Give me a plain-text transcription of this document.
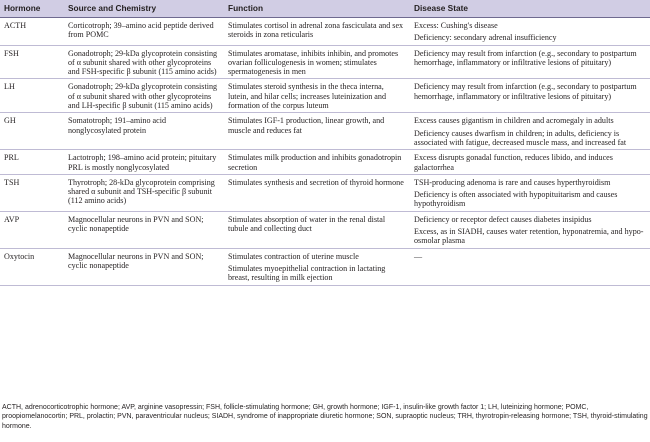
Hormone	Source and Chemistry	Function	Disease State
ACTH	Corticotroph; 39–amino acid peptide derived from POMC	Stimulates cortisol in adrenal zona fasciculata and sex steroids in zona reticularis	Excess: Cushing's disease
Deficiency: secondary adrenal insufficiency

FSH	Gonadotroph; 29-kDa glycoprotein consisting of α subunit shared with other glycoproteins and FSH-specific β subunit (115 amino acids)	Stimulates aromatase, inhibits inhibin, and promotes ovarian folliculogenesis in women; stimulates spermatogenesis in men	Deficiency may result from infarction (e.g., secondary to postpartum hemorrhage, inflammatory or infiltrative lesions of pituitary)

LH	Gonadotroph; 29-kDa glycoprotein consisting of α subunit shared with other glycoproteins and LH-specific β subunit (115 amino acids)	Stimulates steroid synthesis in the theca interna, lutein, and hilar cells; increases luteinization and formation of the corpus luteum	Deficiency may result from infarction (e.g., secondary to postpartum hemorrhage, inflammatory or infiltrative lesions of pituitary)

GH	Somatotroph; 191–amino acid nonglycosylated protein	Stimulates IGF-1 production, linear growth, and muscle and reduces fat	Excess causes gigantism in children and acromegaly in adults
Deficiency causes dwarfism in children; in adults, deficiency is associated with fatigue, decreased muscle mass, and increased fat

PRL	Lactotroph; 198–amino acid protein; pituitary PRL is mostly nonglycosylated	Stimulates milk production and inhibits gonadotropin secretion	Excess disrupts gonadal function, reduces libido, and induces galactorrhea

TSH	Thyrotroph; 28-kDa glycoprotein comprising shared α subunit and TSH-specific β subunit (112 amino acids)	Stimulates synthesis and secretion of thyroid hormone	TSH-producing adenoma is rare and causes hyperthyroidism
Deficiency is often associated with hypopituitarism and causes hypothyroidism

AVP	Magnocellular neurons in PVN and SON; cyclic nonapeptide	Stimulates absorption of water in the renal distal tubule and collecting duct	Deficiency or receptor defect causes diabetes insipidus
Excess, as in SIADH, causes water retention, hyponatremia, and hypo-osmolar plasma

Oxytocin	Magnocellular neurons in PVN and SON; cyclic nonapeptide	Stimulates contraction of uterine muscle
Stimulates myoepithelial contraction in lactating breast, resulting in milk ejection	—

ACTH, adrenocorticotrophic hormone; AVP, arginine vasopressin; FSH, follicle-stimulating hormone; GH, growth hormone; IGF-1, insulin-like growth factor 1; LH, luteinizing hormone; POMC, proopiomelanocortin; PRL, prolactin; PVN, paraventricular nucleus; SIADH, syndrome of inappropriate diuretic hormone; SON, supraoptic nucleus; TRH, thyrotropin-releasing hormone; TSH, thyroid-stimulating hormone.
